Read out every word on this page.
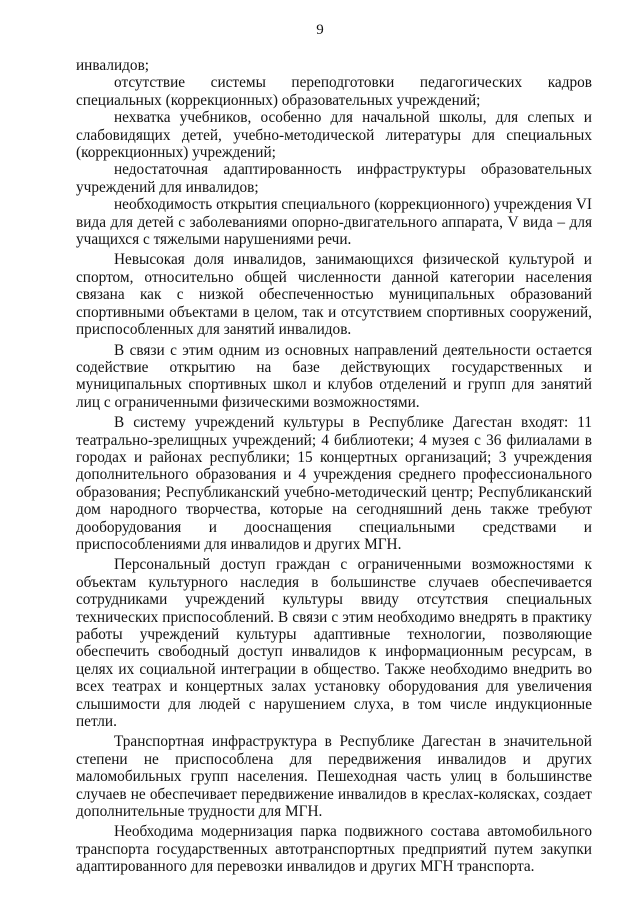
9

инвалидов;

отсутствие системы переподготовки педагогических кадров специальных (коррекционных) образовательных учреждений;

нехватка учебников, особенно для начальной школы, для слепых и слабовидящих детей, учебно-методической литературы для специальных (коррекционных) учреждений;

недостаточная адаптированность инфраструктуры образовательных учреждений для инвалидов;

необходимость открытия специального (коррекционного) учреждения VI вида для детей с заболеваниями опорно-двигательного аппарата, V вида – для учащихся с тяжелыми нарушениями речи.

Невысокая доля инвалидов, занимающихся физической культурой и спортом, относительно общей численности данной категории населения связана как с низкой обеспеченностью муниципальных образований спортивными объектами в целом, так и отсутствием спортивных сооружений, приспособленных для занятий инвалидов.

В связи с этим одним из основных направлений деятельности остается содействие открытию на базе действующих государственных и муниципальных спортивных школ и клубов отделений и групп для занятий лиц с ограниченными физическими возможностями.

В систему учреждений культуры в Республике Дагестан входят: 11 театрально-зрелищных учреждений; 4 библиотеки; 4 музея с 36 филиалами в городах и районах республики; 15 концертных организаций; 3 учреждения дополнительного образования и 4 учреждения среднего профессионального образования; Республиканский учебно-методический центр; Республиканский дом народного творчества, которые на сегодняшний день также требуют дооборудования и дооснащения специальными средствами и приспособлениями для инвалидов и других МГН.

Персональный доступ граждан с ограниченными возможностями к объектам культурного наследия в большинстве случаев обеспечивается сотрудниками учреждений культуры ввиду отсутствия специальных технических приспособлений. В связи с этим необходимо внедрять в практику работы учреждений культуры адаптивные технологии, позволяющие обеспечить свободный доступ инвалидов к информационным ресурсам, в целях их социальной интеграции в общество. Также необходимо внедрить во всех театрах и концертных залах установку оборудования для увеличения слышимости для людей с нарушением слуха, в том числе индукционные петли.

Транспортная инфраструктура в Республике Дагестан в значительной степени не приспособлена для передвижения инвалидов и других маломобильных групп населения. Пешеходная часть улиц в большинстве случаев не обеспечивает передвижение инвалидов в креслах-колясках, создает дополнительные трудности для МГН.

Необходима модернизация парка подвижного состава автомобильного транспорта государственных автотранспортных предприятий путем закупки адаптированного для перевозки инвалидов и других МГН транспорта.
